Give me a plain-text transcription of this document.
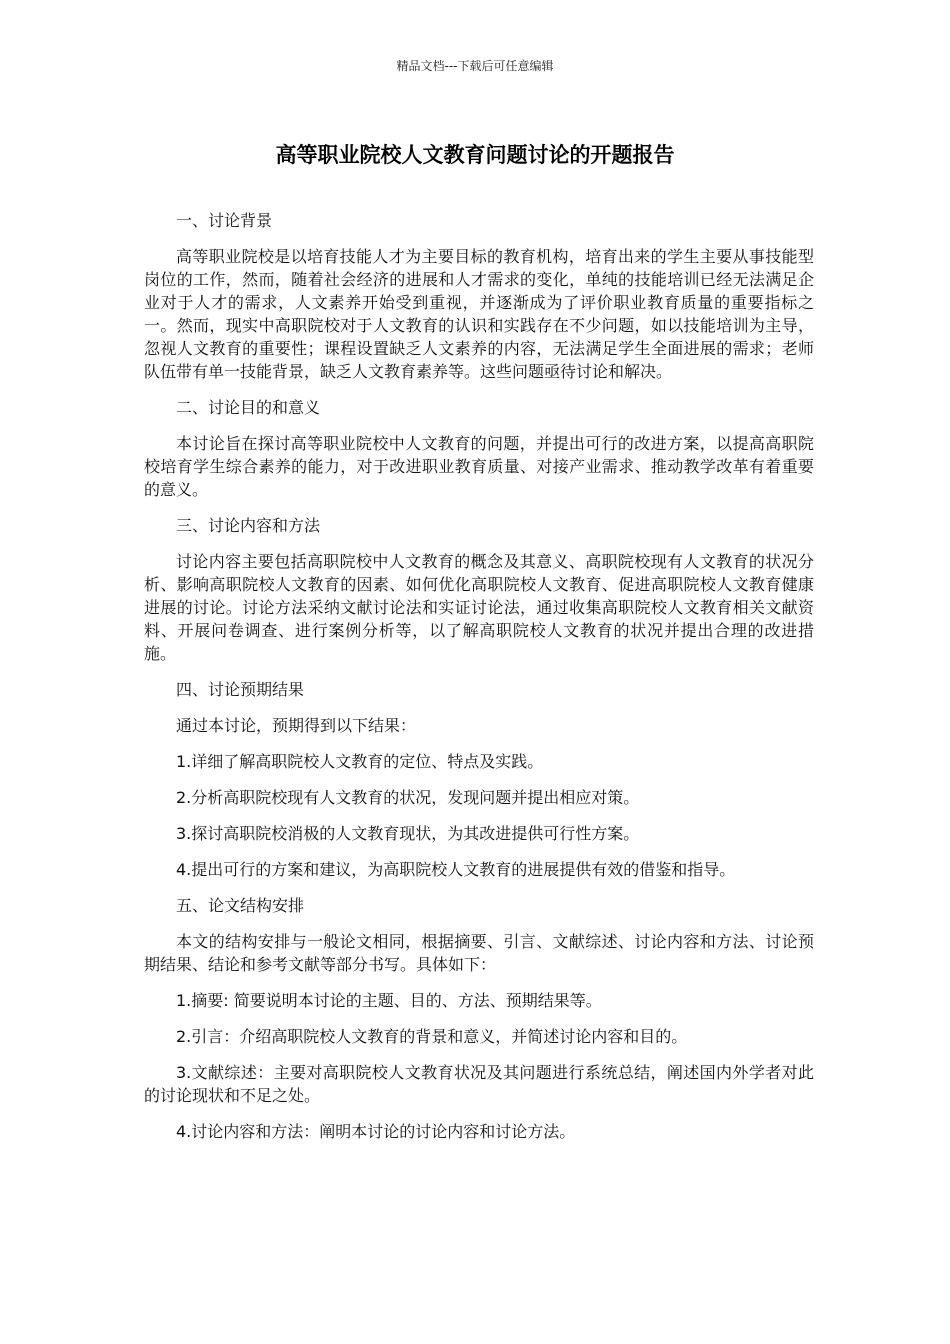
精品文档---下载后可任意编辑
高等职业院校人文教育问题讨论的开题报告
一、讨论背景
高等职业院校是以培育技能人才为主要目标的教育机构，培育出来的学生主要从事技能型岗位的工作，然而，随着社会经济的进展和人才需求的变化，单纯的技能培训已经无法满足企业对于人才的需求，人文素养开始受到重视，并逐渐成为了评价职业教育质量的重要指标之一。然而，现实中高职院校对于人文教育的认识和实践存在不少问题，如以技能培训为主导，忽视人文教育的重要性；课程设置缺乏人文素养的内容，无法满足学生全面进展的需求；老师队伍带有单一技能背景，缺乏人文教育素养等。这些问题亟待讨论和解决。
二、讨论目的和意义
本讨论旨在探讨高等职业院校中人文教育的问题，并提出可行的改进方案，以提高高职院校培育学生综合素养的能力，对于改进职业教育质量、对接产业需求、推动教学改革有着重要的意义。
三、讨论内容和方法
讨论内容主要包括高职院校中人文教育的概念及其意义、高职院校现有人文教育的状况分析、影响高职院校人文教育的因素、如何优化高职院校人文教育、促进高职院校人文教育健康进展的讨论。讨论方法采纳文献讨论法和实证讨论法，通过收集高职院校人文教育相关文献资料、开展问卷调查、进行案例分析等，以了解高职院校人文教育的状况并提出合理的改进措施。
四、讨论预期结果
通过本讨论，预期得到以下结果：
1.详细了解高职院校人文教育的定位、特点及实践。
2.分析高职院校现有人文教育的状况，发现问题并提出相应对策。
3.探讨高职院校消极的人文教育现状，为其改进提供可行性方案。
4.提出可行的方案和建议，为高职院校人文教育的进展提供有效的借鉴和指导。
五、论文结构安排
本文的结构安排与一般论文相同，根据摘要、引言、文献综述、讨论内容和方法、讨论预期结果、结论和参考文献等部分书写。具体如下：
1.摘要: 简要说明本讨论的主题、目的、方法、预期结果等。
2.引言：介绍高职院校人文教育的背景和意义，并简述讨论内容和目的。
3.文献综述：主要对高职院校人文教育状况及其问题进行系统总结，阐述国内外学者对此的讨论现状和不足之处。
4.讨论内容和方法：阐明本讨论的讨论内容和讨论方法。
